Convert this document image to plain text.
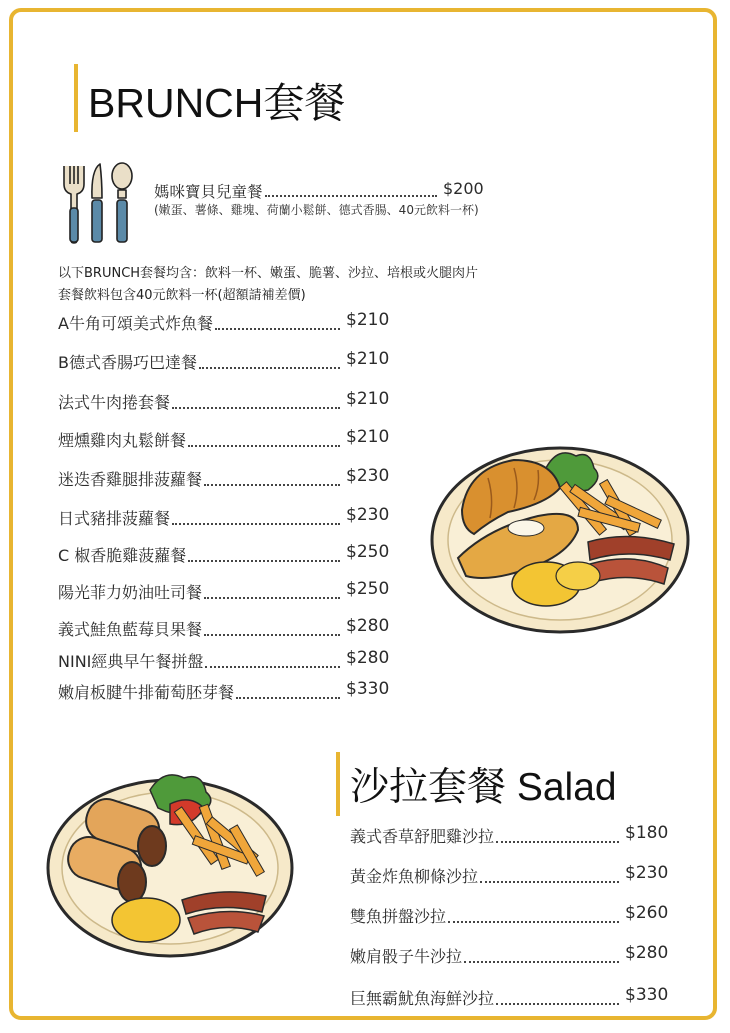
BRUNCH套餐
媽咪寶貝兒童餐	$200
(嫩蛋、薯條、雞塊、荷蘭小鬆餅、德式香腸、40元飲料一杯)
以下BRUNCH套餐均含：飲料一杯、嫩蛋、脆薯、沙拉、培根或火腿肉片
套餐飲料包含40元飲料一杯(超額請補差價)
A牛角可頌美式炸魚餐	$210
B德式香腸巧巴達餐	$210
法式牛肉捲套餐	$210
煙燻雞肉丸鬆餅餐	$210
迷迭香雞腿排菠蘿餐	$230
日式豬排菠蘿餐	$230
C 椒香脆雞菠蘿餐	$250
陽光菲力奶油吐司餐	$250
義式鮭魚藍莓貝果餐	$280
NINI經典早午餐拼盤	$280
嫩肩板腱牛排葡萄胚芽餐	$330
義式香草舒肥雞沙拉	$180
黃金炸魚柳條沙拉	$230
雙魚拼盤沙拉	$260
嫩肩骰子牛沙拉	$280
巨無霸魷魚海鮮沙拉	$330
沙拉套餐 Salad
